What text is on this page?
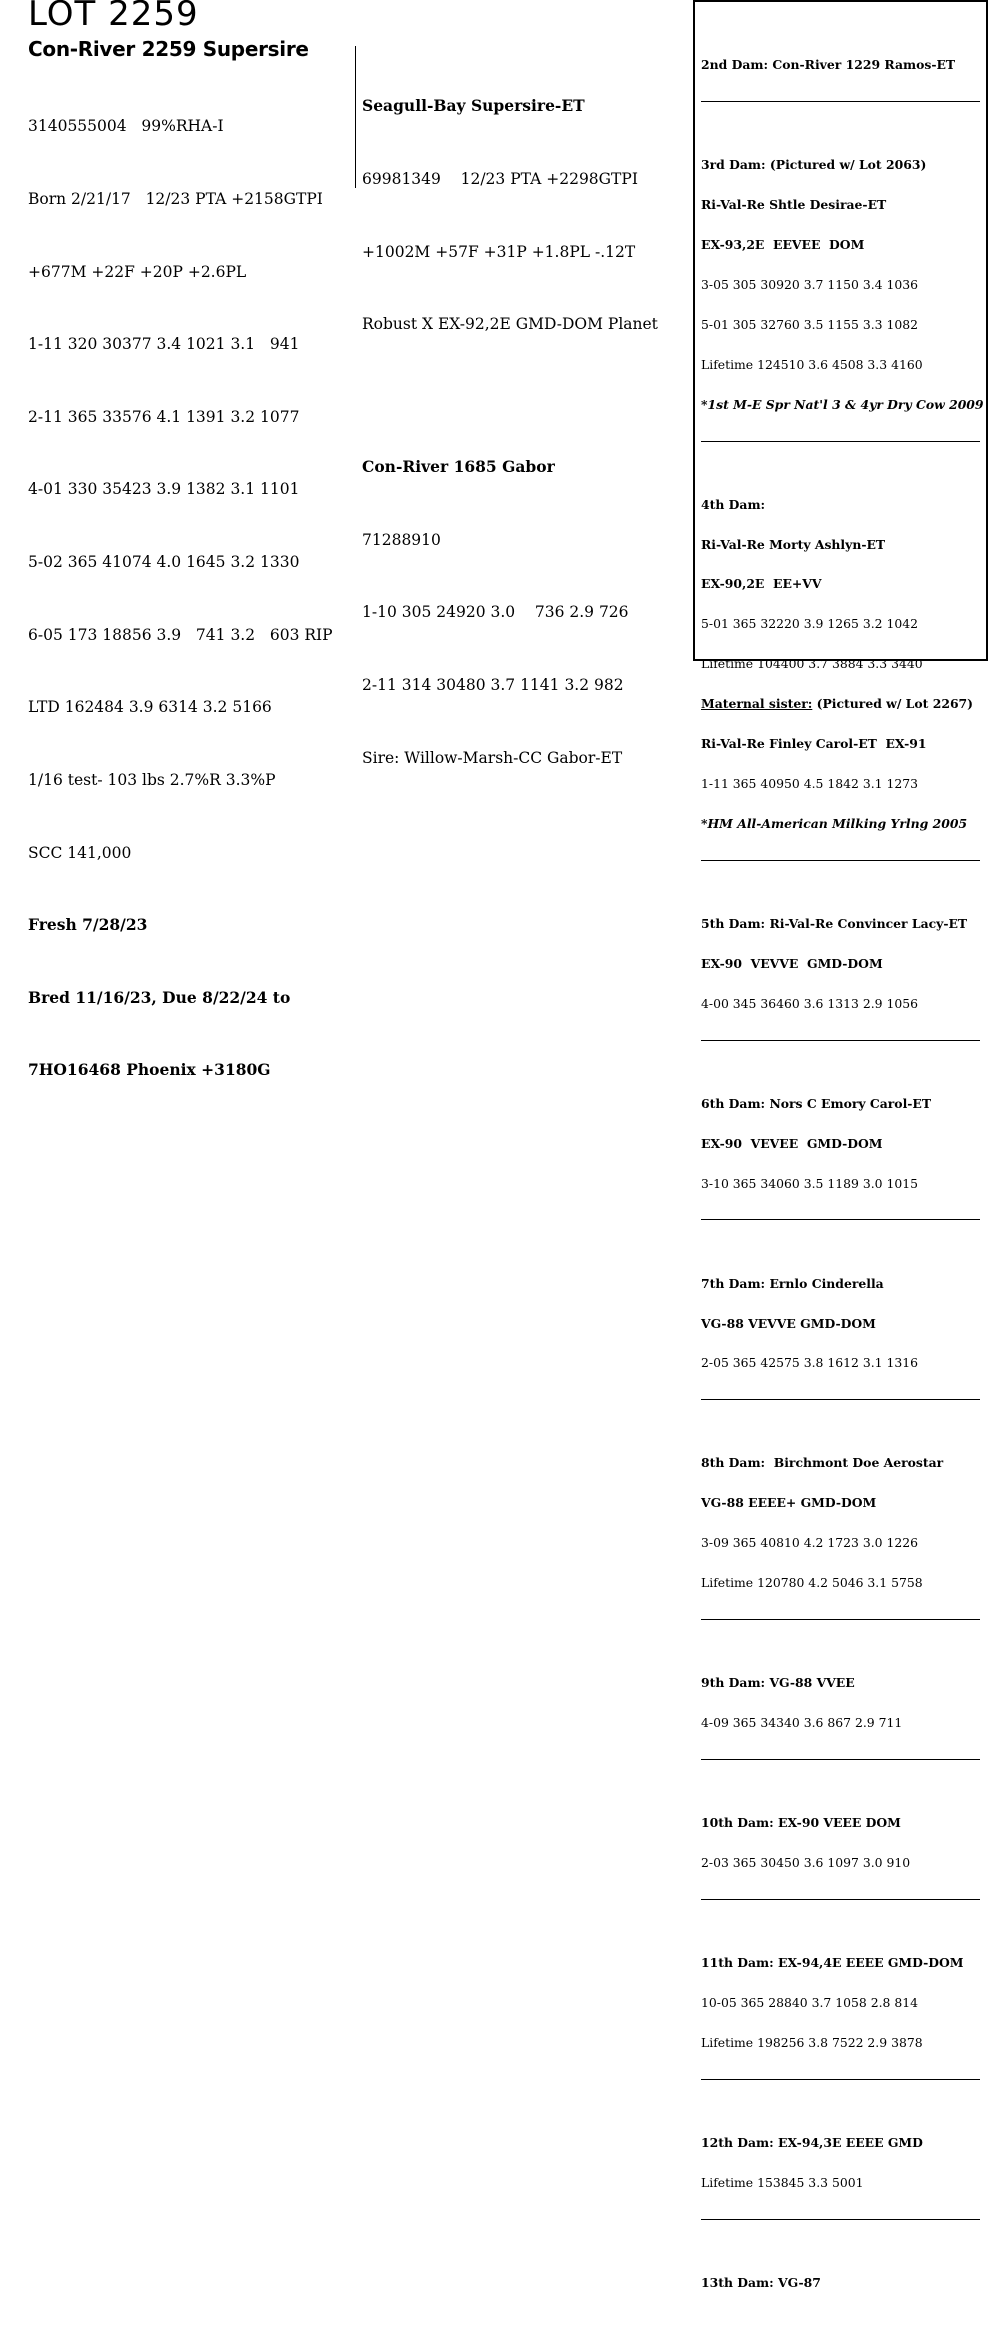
LOT 2259
Con-River 2259 Supersire

3140555004   99%RHA-I

Born 2/21/17   12/23 PTA +2158GTPI

+677M +22F +20P +2.6PL

1-11 320 30377 3.4 1021 3.1   941

2-11 365 33576 4.1 1391 3.2 1077

4-01 330 35423 3.9 1382 3.1 1101

5-02 365 41074 4.0 1645 3.2 1330

6-05 173 18856 3.9   741 3.2   603 RIP

LTD 162484 3.9 6314 3.2 5166

1/16 test- 103 lbs 2.7%R 3.3%P

SCC 141,000

Fresh 7/28/23

Bred 11/16/23, Due 8/22/24 to

7HO16468 Phoenix +3180G

Seagull-Bay Supersire-ET

69981349    12/23 PTA +2298GTPI

+1002M +57F +31P +1.8PL -.12T

Robust X EX-92,2E GMD-DOM Planet

Con-River 1685 Gabor

71288910

1-10 305 24920 3.0    736 2.9 726

2-11 314 30480 3.7 1141 3.2 982

Sire: Willow-Marsh-CC Gabor-ET

2nd Dam: Con-River 1229 Ramos-ET

3rd Dam: (Pictured w/ Lot 2063)

Ri-Val-Re Shtle Desirae-ET

EX-93,2E  EEVEE  DOM

3-05 305 30920 3.7 1150 3.4 1036

5-01 305 32760 3.5 1155 3.3 1082

Lifetime 124510 3.6 4508 3.3 4160

*1st M-E Spr Nat'l 3 & 4yr Dry Cow 2009

4th Dam:

Ri-Val-Re Morty Ashlyn-ET

EX-90,2E  EE+VV

5-01 365 32220 3.9 1265 3.2 1042

Lifetime 104400 3.7 3884 3.3 3440

Maternal sister: (Pictured w/ Lot 2267)

Ri-Val-Re Finley Carol-ET  EX-91

1-11 365 40950 4.5 1842 3.1 1273

*HM All-American Milking Yrlng 2005

5th Dam: Ri-Val-Re Convincer Lacy-ET

EX-90  VEVVE  GMD-DOM

4-00 345 36460 3.6 1313 2.9 1056

6th Dam: Nors C Emory Carol-ET

EX-90  VEVEE  GMD-DOM

3-10 365 34060 3.5 1189 3.0 1015

7th Dam: Ernlo Cinderella

VG-88 VEVVE GMD-DOM

2-05 365 42575 3.8 1612 3.1 1316

8th Dam:  Birchmont Doe Aerostar

VG-88 EEEE+ GMD-DOM

3-09 365 40810 4.2 1723 3.0 1226

Lifetime 120780 4.2 5046 3.1 5758

9th Dam: VG-88 VVEE

4-09 365 34340 3.6 867 2.9 711

10th Dam: EX-90 VEEE DOM

2-03 365 30450 3.6 1097 3.0 910

11th Dam: EX-94,4E EEEE GMD-DOM

10-05 365 28840 3.7 1058 2.8 814

Lifetime 198256 3.8 7522 2.9 3878

12th Dam: EX-94,3E EEEE GMD

Lifetime 153845 3.3 5001

13th Dam: VG-87
